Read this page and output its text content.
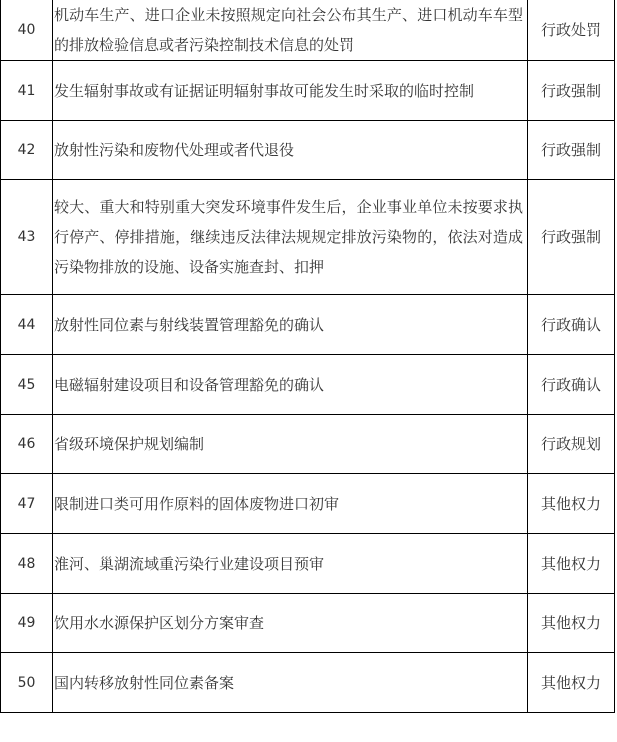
40	机动车生产、进口企业未按照规定向社会公布其生产、进口机动车车型的排放检验信息或者污染控制技术信息的处罚	行政处罚
41	发生辐射事故或有证据证明辐射事故可能发生时采取的临时控制	行政强制
42	放射性污染和废物代处理或者代退役	行政强制
43	较大、重大和特别重大突发环境事件发生后，企业事业单位未按要求执行停产、停排措施，继续违反法律法规规定排放污染物的，依法对造成污染物排放的设施、设备实施查封、扣押	行政强制
44	放射性同位素与射线装置管理豁免的确认	行政确认
45	电磁辐射建设项目和设备管理豁免的确认	行政确认
46	省级环境保护规划编制	行政规划
47	限制进口类可用作原料的固体废物进口初审	其他权力
48	淮河、巢湖流域重污染行业建设项目预审	其他权力
49	饮用水水源保护区划分方案审查	其他权力
50	国内转移放射性同位素备案	其他权力
